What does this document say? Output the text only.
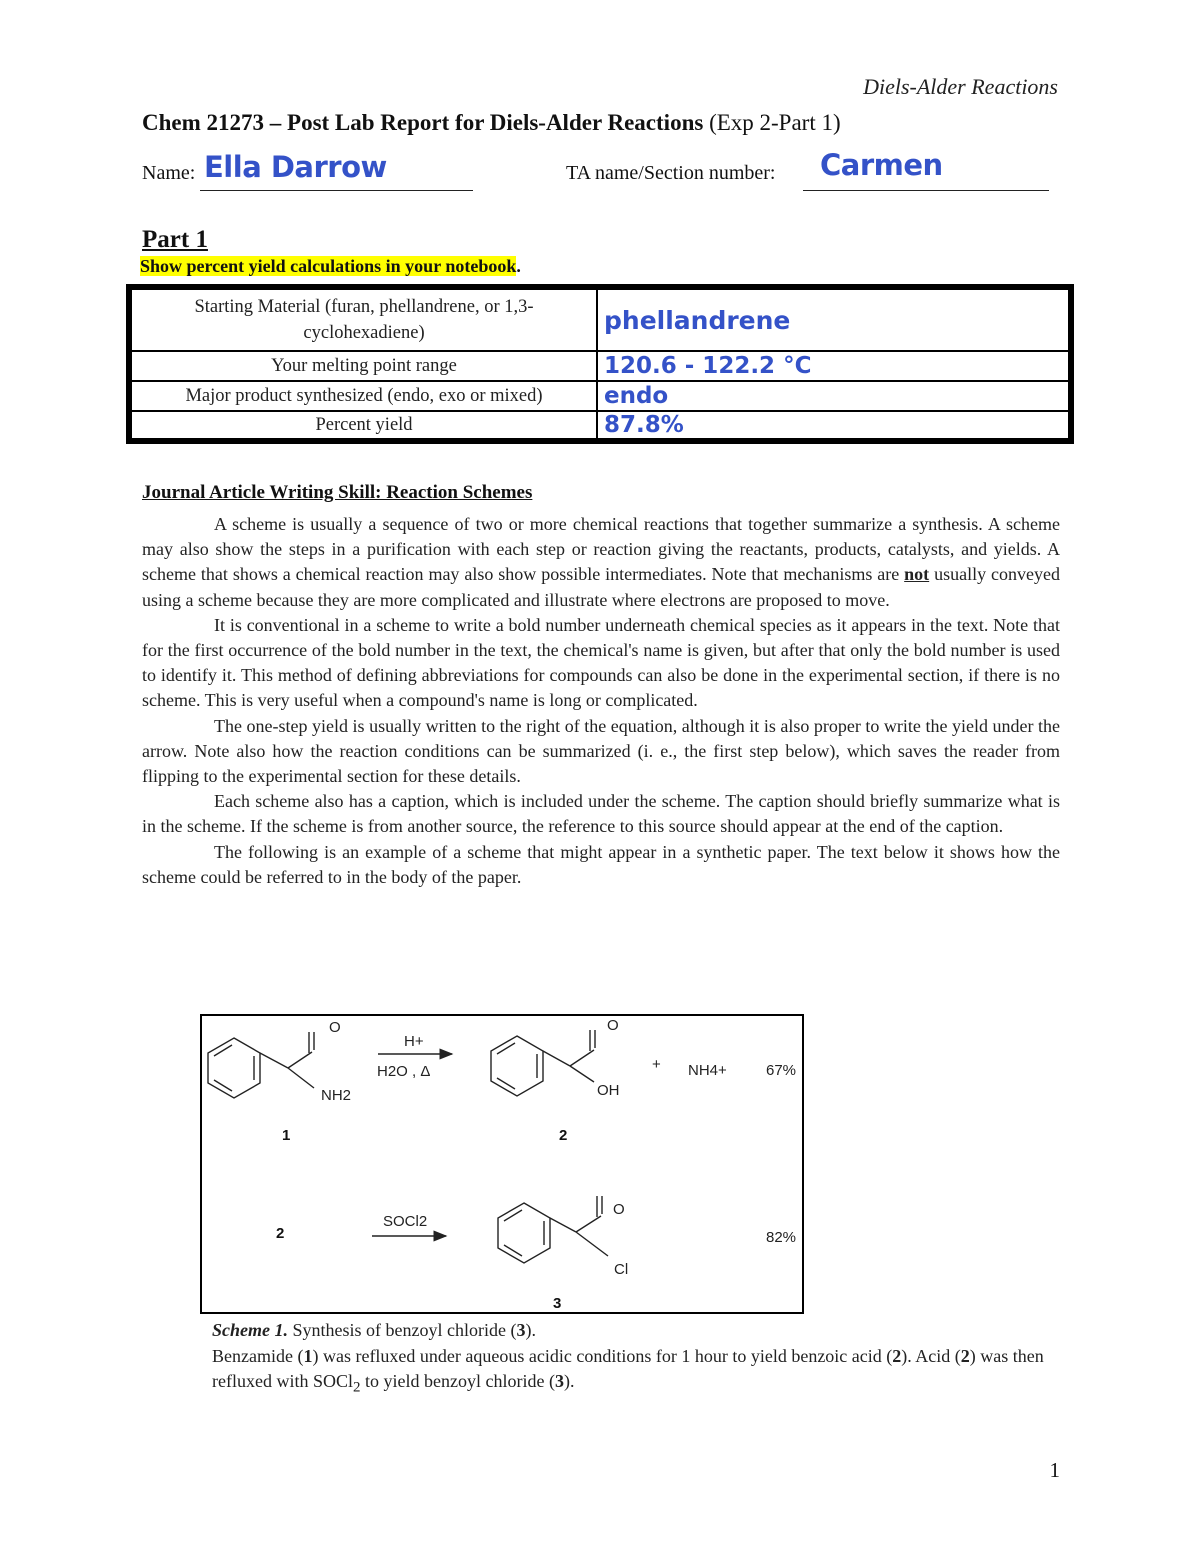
Diels-Alder Reactions
Chem 21273 – Post Lab Report for Diels-Alder Reactions (Exp 2-Part 1)
Name: Ella Darrow	TA name/Section number: Carmen
Part 1
Show percent yield calculations in your notebook.
Starting Material (furan, phellandrene, or 1,3-cyclohexadiene)	phellandrene
Your melting point range	120.6 - 122.2 °C
Major product synthesized (endo, exo or mixed)	endo
Percent yield	87.8%
Journal Article Writing Skill: Reaction Schemes

A scheme is usually a sequence of two or more chemical reactions that together summarize a synthesis. A scheme may also show the steps in a purification with each step or reaction giving the reactants, products, catalysts, and yields. A scheme that shows a chemical reaction may also show possible intermediates. Note that mechanisms are not usually conveyed using a scheme because they are more complicated and illustrate where electrons are proposed to move.

It is conventional in a scheme to write a bold number underneath chemical species as it appears in the text. Note that for the first occurrence of the bold number in the text, the chemical's name is given, but after that only the bold number is used to identify it. This method of defining abbreviations for compounds can also be done in the experimental section, if there is no scheme. This is very useful when a compound's name is long or complicated.

The one-step yield is usually written to the right of the equation, although it is also proper to write the yield under the arrow. Note also how the reaction conditions can be summarized (i. e., the first step below), which saves the reader from flipping to the experimental section for these details.

Each scheme also has a caption, which is included under the scheme. The caption should briefly summarize what is in the scheme. If the scheme is from another source, the reference to this source should appear at the end of the caption.

The following is an example of a scheme that might appear in a synthetic paper. The text below it shows how the scheme could be referred to in the body of the paper.

O
NH2
H+
H2O , Δ
O
OH
+ NH4+	67%
1	2
2
SOCl2
O
Cl
82%
3
Scheme 1. Synthesis of benzoyl chloride (3).
Benzamide (1) was refluxed under aqueous acidic conditions for 1 hour to yield benzoic acid (2). Acid (2) was then refluxed with SOCl$_2$ to yield benzoyl chloride (3).
1
